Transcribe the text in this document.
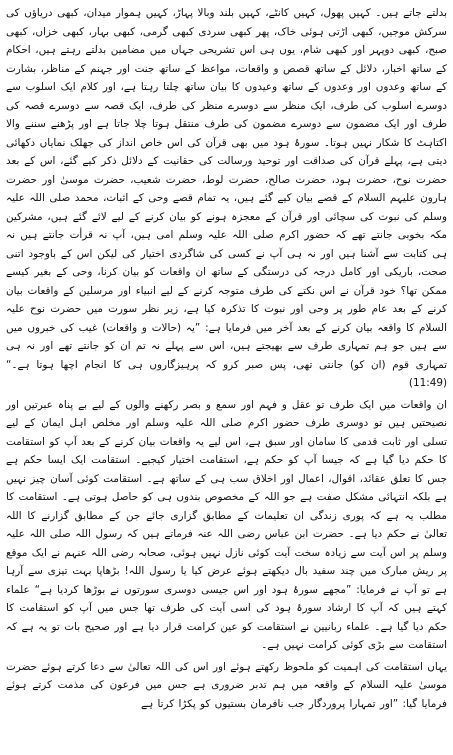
بدلتے جاتے ہیں۔ کہیں پھول، کہیں کانٹے، کہیں بلند وبالا پہاڑ، کہیں ہموار میدان، کبھی دریاؤں کی سرکش موجیں، کبھی اڑتی ہوئی خاک، پھر کبھی سردی کبھی گرمی، کبھی بہار، کبھی خزاں، کبھی صبح، کبھی دوپہر اور کبھی شام، یوں ہی اس تشریحی جہاں میں مضامین بدلتے رہتے ہیں، احکام کے ساتھ اخبار، دلائل کے ساتھ قصص و واقعات، مواعظ کے ساتھ جنت اور جہنم کے مناظر، بشارت کے ساتھ وعدوں اور وعدوں کے ساتھ وعیدوں کا بیان ساتھ چلتا رہتا ہے، اور کلام ایک اسلوب سے دوسرے اسلوب کی طرف، ایک منظر سے دوسرے منظر کی طرف، ایک قصہ سے دوسرے قصہ کی طرف اور ایک مضمون سے دوسرے مضمون کی طرف منتقل ہوتا چلا جاتا ہے اور پڑھنے سننے والا اکتاہٹ کا شکار نہیں ہوتا۔ سورۂ ہود میں بھی قرآن کی اس خاص انداز کی جھلک نمایاں دکھائی دیتی ہے، پہلے قرآن کی صداقت اور توحید ورسالت کی حقانیت کے دلائل ذکر کیے گئے، اس کے بعد حضرت نوح، حضرت ہود، حضرت صالح، حضرت لوط، حضرت شعیب، حضرت موسیٰ اور حضرت ہارون علیہم السلام کے قصے بیان کیے گئے ہیں، یہ تمام قصے وحی کے اثبات، محمد صلی اللہ علیہ وسلم کی نبوت کی سچائی اور قرآن کے معجزہ ہونے کو بیان کرنے کے لیے لائے گئے ہیں، مشرکین مکہ بخوبی جانتے تھے کہ حضور اکرم صلی اللہ علیہ وسلم امی ہیں، آپ نہ قرأت جانتے ہیں نہ ہی کتابت سے آشنا ہیں اور نہ ہی آپ نے کسی کی شاگردی اختیار کی لیکن اس کے باوجود اتنی صحت، باریکی اور کامل درجہ کی درستگی کے ساتھ ان واقعات کو بیان کرنا، وحی کے بغیر کیسے ممکن تھا؟ خود قرآن نے اس نکتے کی طرف متوجہ کرنے کے لیے انبیاء اور مرسلین کے واقعات بیان کرنے کے بعد عام طور پر وحی اور نبوت کا تذکرہ کیا ہے، زیر نظر سورت میں حضرت نوح علیہ السلام کا واقعہ بیان کرنے کے بعد آخر میں فرمایا ہے: ”یہ (حالات و واقعات) غیب کی خبروں میں سے ہیں جو ہم تمہاری طرف سے بھیجتے ہیں، اس سے پہلے نہ تم ان کو جانتے تھے اور نہ ہی تمہاری قوم (ان کو) جانتی تھی، پس صبر کرو کہ پرہیزگاروں ہی کا انجام اچھا ہوتا ہے۔“ (11:49)

ان واقعات میں ایک طرف تو عقل و فہم اور سمع و بصر رکھنے والوں کے لیے بے پناہ عبرتیں اور نصیحتیں ہیں تو دوسری طرف حضور اکرم صلی اللہ علیہ وسلم اور مخلص اہل ایمان کے لیے تسلی اور ثابت قدمی کا سامان اور سبق ہے، اس لیے یہ واقعات بیان کرنے کے بعد آپ کو استقامت کا حکم دیا گیا ہے کہ جیسا آپ کو حکم ہے، استقامت اختیار کیجیے۔ استقامت ایک ایسا حکم ہے جس کا تعلق عقائد، اقوال، اعمال اور اخلاق سب ہی کے ساتھ ہے۔ استقامت کوئی آسان چیز نہیں ہے بلکہ انتہائی مشکل صفت ہے جو اللہ کے مخصوص بندوں ہی کو حاصل ہوتی ہے۔ استقامت کا مطلب یہ ہے کہ پوری زندگی ان تعلیمات کے مطابق گزاری جائے جن کے مطابق گزارنے کا اللہ تعالیٰ نے حکم دیا ہے۔ حضرت ابن عباس رضی اللہ عنہ فرماتے ہیں کہ رسول اللہ صلی اللہ علیہ وسلم پر اس آیت سے زیادہ سخت آیت کوئی نازل نہیں ہوئی، صحابہ رضی اللہ عنہم نے ایک موقع پر ریش مبارک میں چند سفید بال دیکھتے ہوئے عرض کیا یا رسول اللہ! بڑھاپا بہت تیزی سے آرہا ہے تو آپ نے فرمایا: ”مجھے سورۂ ہود اور اس جیسی دوسری سورتوں نے بوڑھا کردیا ہے“ علماء کہتے ہیں کہ آپ کا ارشاد سورۂ ہود کی اسی آیت کی طرف تھا جس میں آپ کو استقامت کا حکم دیا گیا ہے۔ علماء ربانیین نے استقامت کو عین کرامت قرار دیا ہے اور صحیح بات تو یہ ہے کہ استقامت سے بڑی کوئی کرامت نہیں ہے۔

یہاں استقامت کی اہمیت کو ملحوظ رکھتے ہوئے اور اس کی اللہ تعالیٰ سے دعا کرتے ہوئے حضرت موسیٰ علیہ السلام کے واقعہ میں ہم تدبر ضروری ہے جس میں فرعون کی مذمت کرتے ہوئے فرمایا گیا: ”اور تمہارا پروردگار جب نافرمان بستیوں کو پکڑا کرتا ہے
